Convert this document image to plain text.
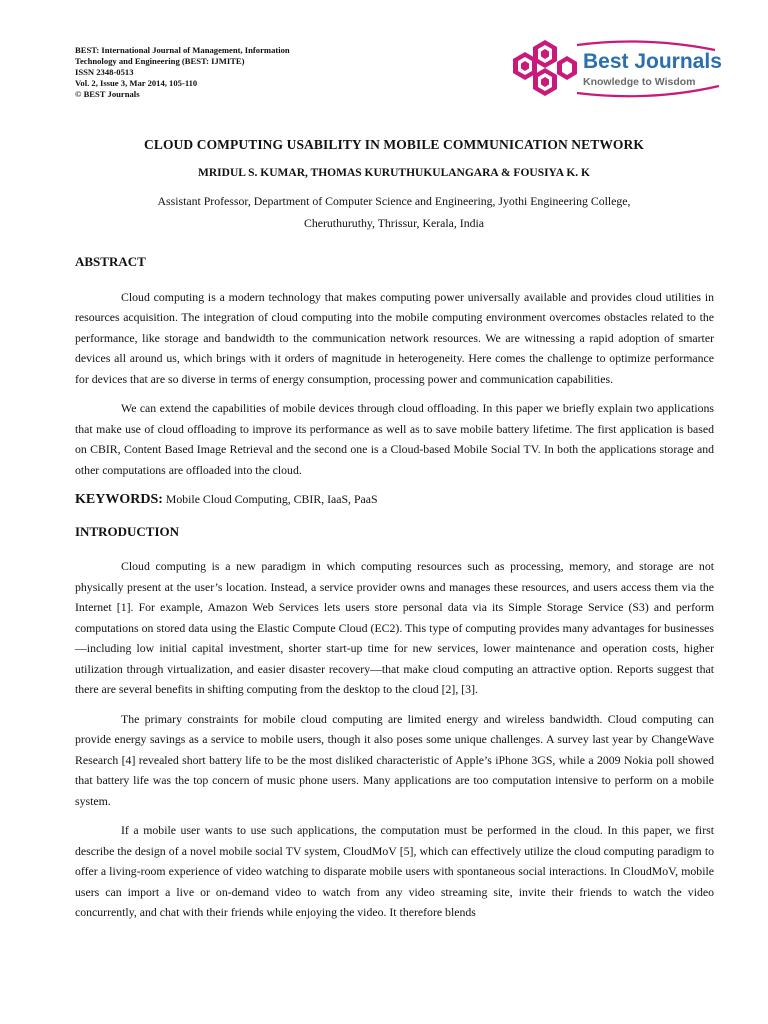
BEST: International Journal of Management, Information
Technology and Engineering (BEST: IJMITE)
ISSN 2348-0513
Vol. 2, Issue 3, Mar 2014, 105-110
© BEST Journals
Best Journals
Knowledge to Wisdom
CLOUD COMPUTING USABILITY IN MOBILE COMMUNICATION NETWORK
MRIDUL S. KUMAR, THOMAS KURUTHUKULANGARA & FOUSIYA K. K
Assistant Professor, Department of Computer Science and Engineering, Jyothi Engineering College,
Cheruthuruthy, Thrissur, Kerala, India
ABSTRACT

Cloud computing is a modern technology that makes computing power universally available and provides cloud utilities in resources acquisition. The integration of cloud computing into the mobile computing environment overcomes obstacles related to the performance, like storage and bandwidth to the communication network resources. We are witnessing a rapid adoption of smarter devices all around us, which brings with it orders of magnitude in heterogeneity. Here comes the challenge to optimize performance for devices that are so diverse in terms of energy consumption, processing power and communication capabilities.

We can extend the capabilities of mobile devices through cloud offloading. In this paper we briefly explain two applications that make use of cloud offloading to improve its performance as well as to save mobile battery lifetime. The first application is based on CBIR, Content Based Image Retrieval and the second one is a Cloud-based Mobile Social TV. In both the applications storage and other computations are offloaded into the cloud.

KEYWORDS: Mobile Cloud Computing, CBIR, IaaS, PaaS
INTRODUCTION

Cloud computing is a new paradigm in which computing resources such as processing, memory, and storage are not physically present at the user’s location. Instead, a service provider owns and manages these resources, and users access them via the Internet [1]. For example, Amazon Web Services lets users store personal data via its Simple Storage Service (S3) and perform computations on stored data using the Elastic Compute Cloud (EC2). This type of computing provides many advantages for businesses—including low initial capital investment, shorter start-up time for new services, lower maintenance and operation costs, higher utilization through virtualization, and easier disaster recovery—that make cloud computing an attractive option. Reports suggest that there are several benefits in shifting computing from the desktop to the cloud [2], [3].

The primary constraints for mobile cloud computing are limited energy and wireless bandwidth. Cloud computing can provide energy savings as a service to mobile users, though it also poses some unique challenges. A survey last year by ChangeWave Research [4] revealed short battery life to be the most disliked characteristic of Apple’s iPhone 3GS, while a 2009 Nokia poll showed that battery life was the top concern of music phone users. Many applications are too computation intensive to perform on a mobile system.

If a mobile user wants to use such applications, the computation must be performed in the cloud. In this paper, we first describe the design of a novel mobile social TV system, CloudMoV [5], which can effectively utilize the cloud computing paradigm to offer a living-room experience of video watching to disparate mobile users with spontaneous social interactions. In CloudMoV, mobile users can import a live or on-demand video to watch from any video streaming site, invite their friends to watch the video concurrently, and chat with their friends while enjoying the video. It therefore blends
